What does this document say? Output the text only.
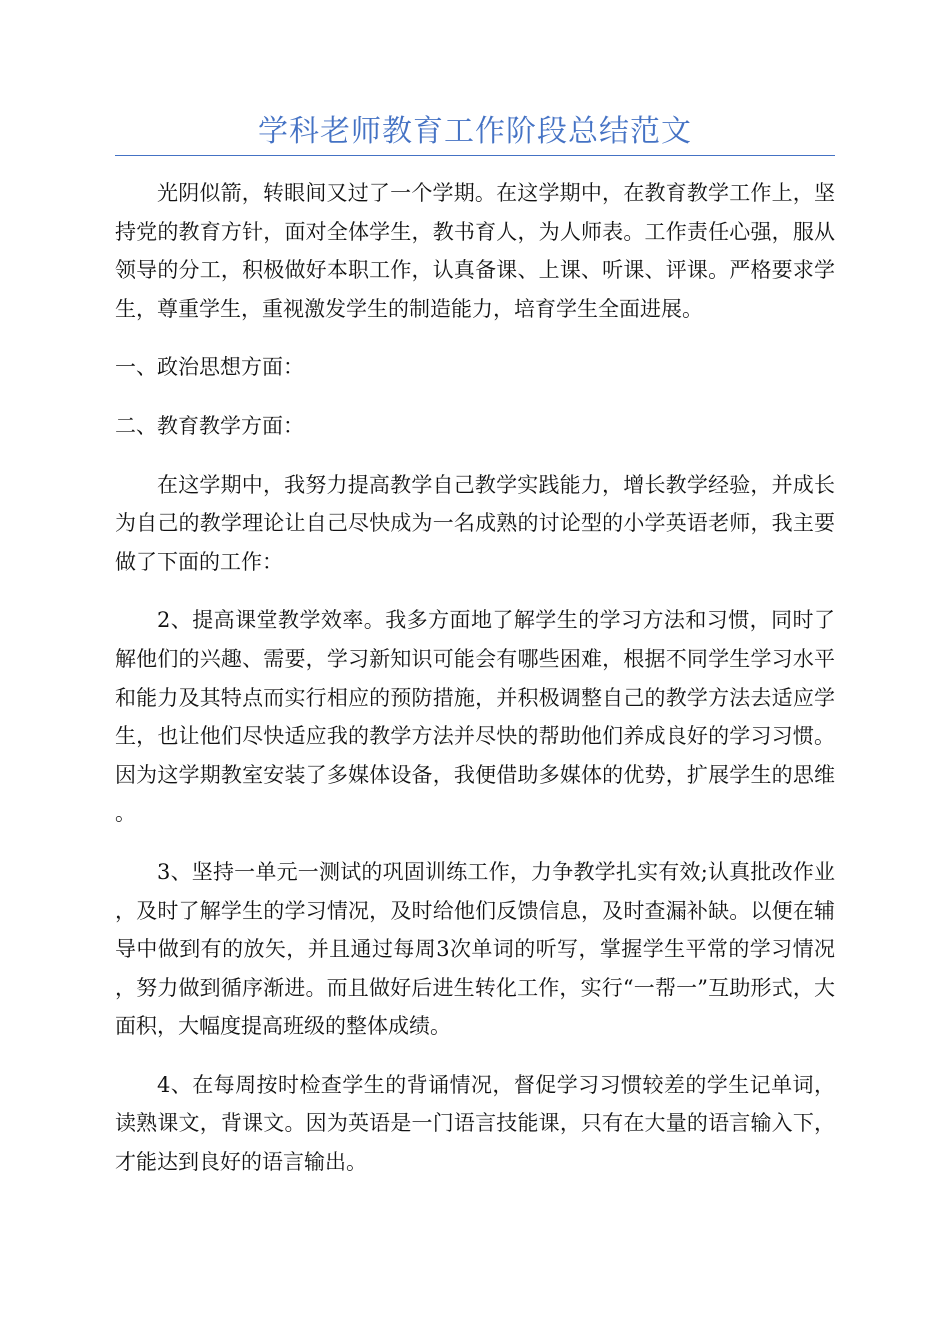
学科老师教育工作阶段总结范文

光阴似箭，转眼间又过了一个学期。在这学期中，在教育教学工作上，坚持党的教育方针，面对全体学生，教书育人，为人师表。工作责任心强，服从领导的分工，积极做好本职工作，认真备课、上课、听课、评课。严格要求学生，尊重学生，重视激发学生的制造能力，培育学生全面进展。

一、政治思想方面：

二、教育教学方面：

在这学期中，我努力提高教学自己教学实践能力，增长教学经验，并成长为自己的教学理论让自己尽快成为一名成熟的讨论型的小学英语老师，我主要做了下面的工作：

2、提高课堂教学效率。我多方面地了解学生的学习方法和习惯，同时了解他们的兴趣、需要，学习新知识可能会有哪些困难，根据不同学生学习水平和能力及其特点而实行相应的预防措施，并积极调整自己的教学方法去适应学生，也让他们尽快适应我的教学方法并尽快的帮助他们养成良好的学习习惯。因为这学期教室安装了多媒体设备，我便借助多媒体的优势，扩展学生的思维。

3、坚持一单元一测试的巩固训练工作，力争教学扎实有效;认真批改作业，及时了解学生的学习情况，及时给他们反馈信息，及时查漏补缺。以便在辅导中做到有的放矢，并且通过每周3次单词的听写，掌握学生平常的学习情况，努力做到循序渐进。而且做好后进生转化工作，实行“一帮一”互助形式，大面积，大幅度提高班级的整体成绩。

4、在每周按时检查学生的背诵情况，督促学习习惯较差的学生记单词，读熟课文，背课文。因为英语是一门语言技能课，只有在大量的语言输入下，才能达到良好的语言输出。
